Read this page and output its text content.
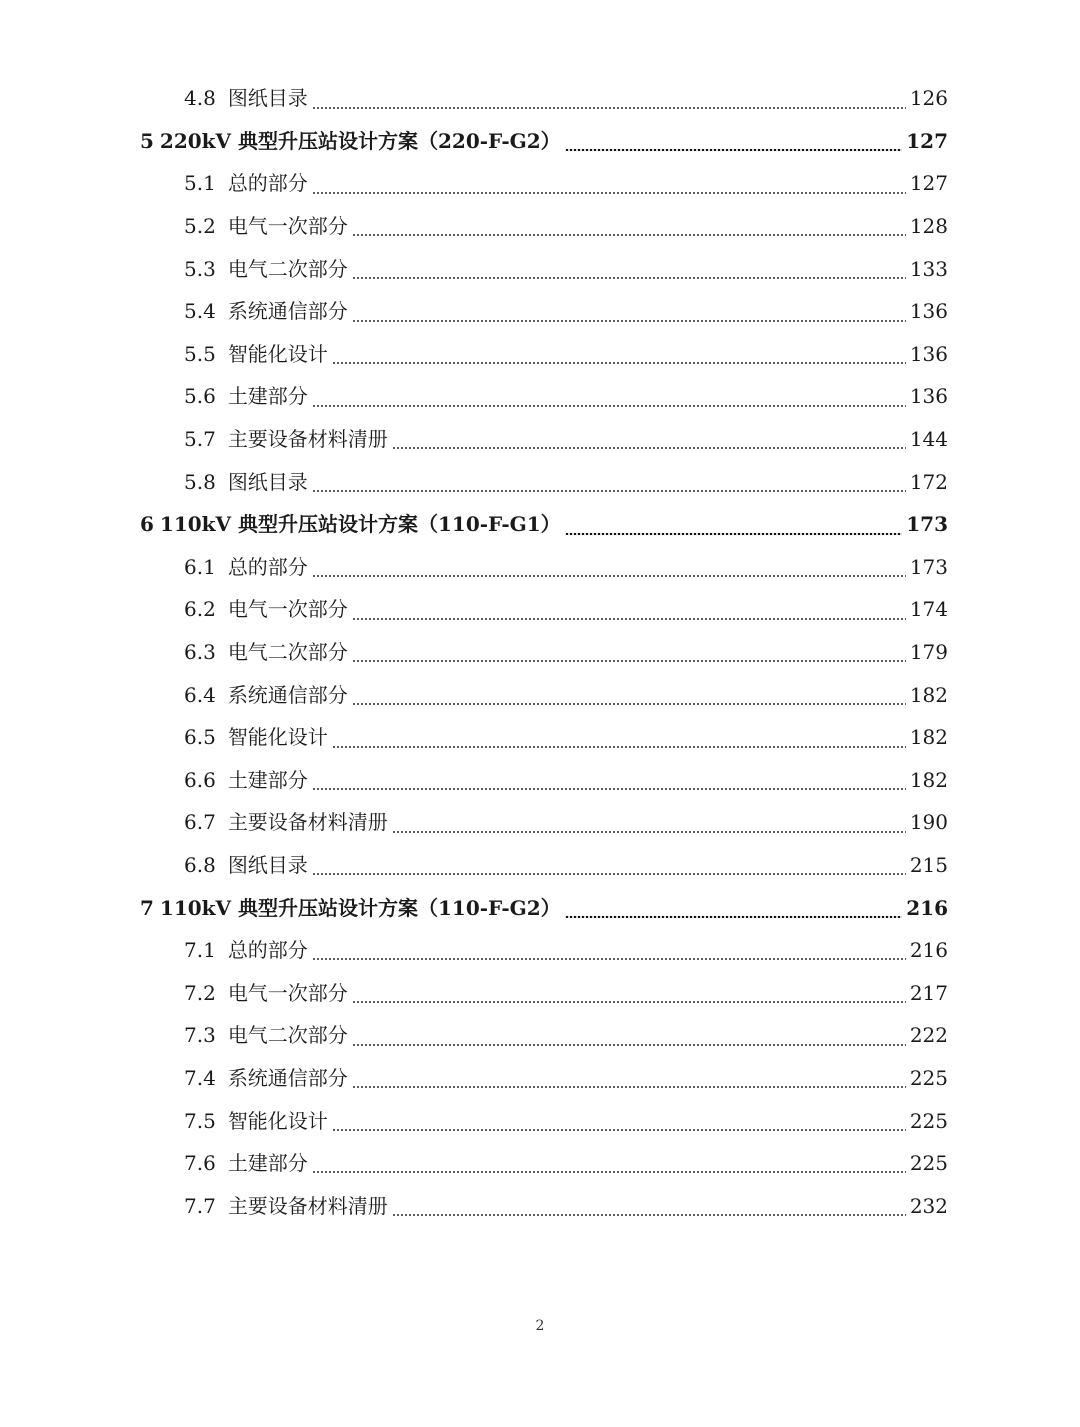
4.8 图纸目录	126
5 220kV 典型升压站设计方案（220-F-G2）	127
5.1 总的部分	127
5.2 电气一次部分	128
5.3 电气二次部分	133
5.4 系统通信部分	136
5.5 智能化设计	136
5.6 土建部分	136
5.7 主要设备材料清册	144
5.8 图纸目录	172
6 110kV 典型升压站设计方案（110-F-G1）	173
6.1 总的部分	173
6.2 电气一次部分	174
6.3 电气二次部分	179
6.4 系统通信部分	182
6.5 智能化设计	182
6.6 土建部分	182
6.7 主要设备材料清册	190
6.8 图纸目录	215
7 110kV 典型升压站设计方案（110-F-G2）	216
7.1 总的部分	216
7.2 电气一次部分	217
7.3 电气二次部分	222
7.4 系统通信部分	225
7.5 智能化设计	225
7.6 土建部分	225
7.7 主要设备材料清册	232
2
